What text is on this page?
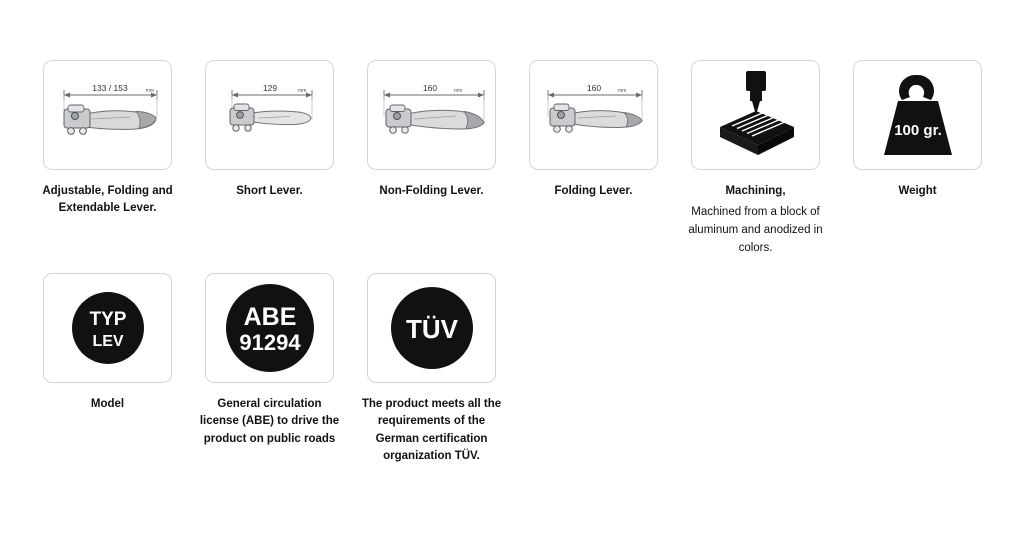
133 / 153	mm
Adjustable, Folding and Extendable Lever.
129	mm
Short Lever.
160	mm
Non-Folding Lever.
160	mm
Folding Lever.	Machining,
Machined from a block of aluminum and anodized in colors.
100 gr.
Weight
TYP
LEV
Model
ABE
91294
General circulation license (ABE) to drive the product on public roads
TÜV
The product meets all the requirements of the German certification organization TÜV.
